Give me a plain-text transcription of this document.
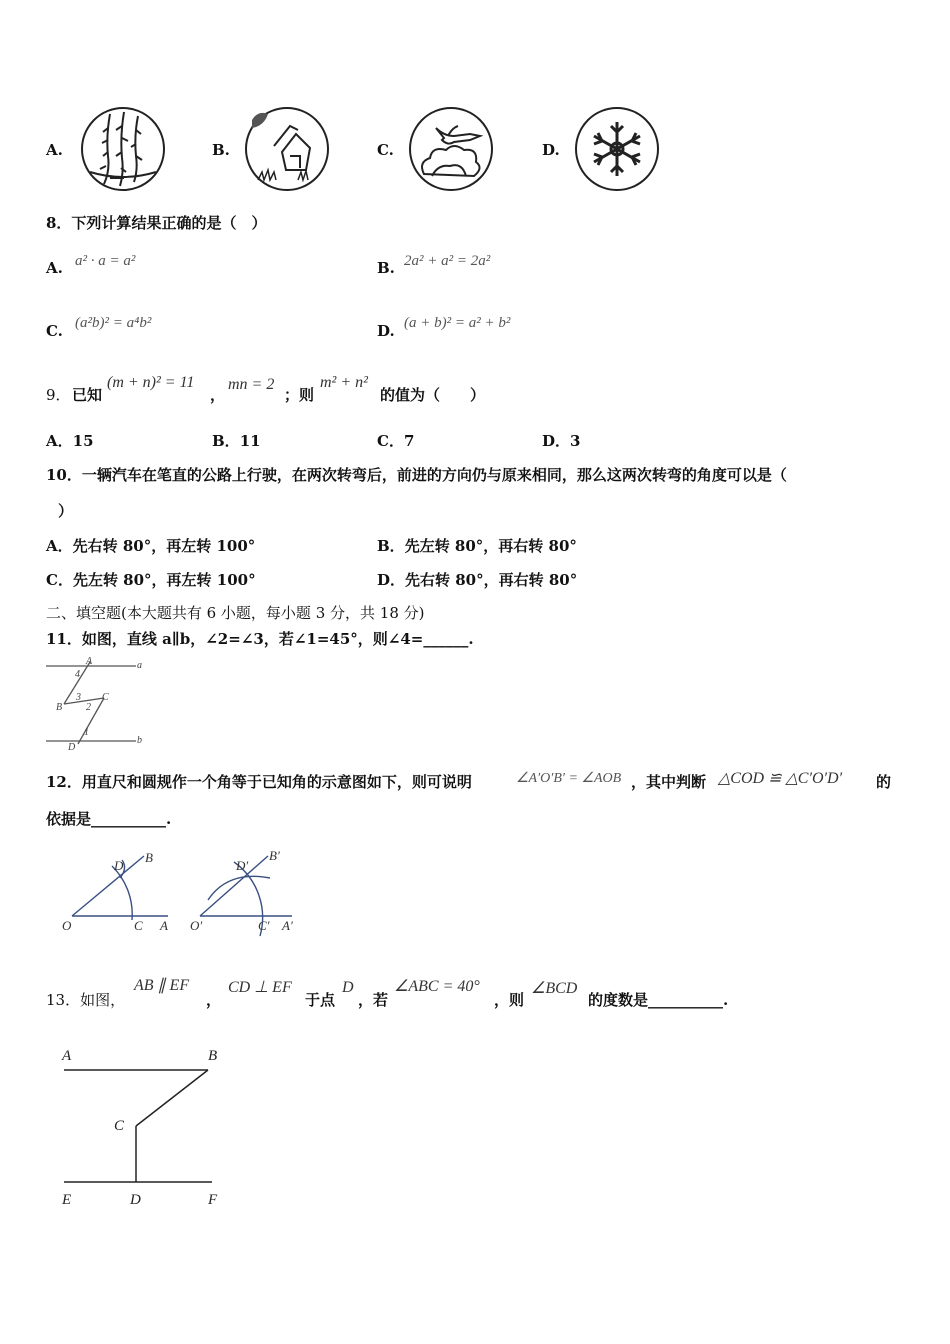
A.	B.	C.	D.
8．下列计算结果正确的是（　）
A. a² · a = a²	B. 2a² + a² = 2a²
C. (a²b)² = a⁴b²	D. (a + b)² = a² + b²
9． 已知
(m + n)² = 11
，
mn = 2
；则
m² + n²
的值为（　　）
A．15	B．11	C．7	D．3
10．一辆汽车在笔直的公路上行驶，在两次转弯后，前进的方向仍与原来相同，那么这两次转弯的角度可以是（
）
A．先右转 80°，再左转 100°	B．先左转 80°，再右转 80°
C．先左转 80°，再左转 100°	D．先右转 80°，再右转 80°
二、填空题(本大题共有 6 小题，每小题 3 分，共 18 分)
11．如图，直线 a∥b，∠2=∠3，若∠1=45°，则∠4=______.
A	a
B
C
D
b
1
2
3
4
12．用直尺和圆规作一个角等于已知角的示意图如下，则可说明	∠A′O′B′ = ∠AOB ，其中判断 △COD ≌ △C′O′D′ 的
依据是__________.
O	C A
D
B
O′	C′ A′
D′
B′
13．如图，
AB ∥ EF
，
CD ⊥ EF
于点
D
，若
∠ABC = 40°
，则
∠BCD
的度数是__________.
A	B
C
E	D	F
